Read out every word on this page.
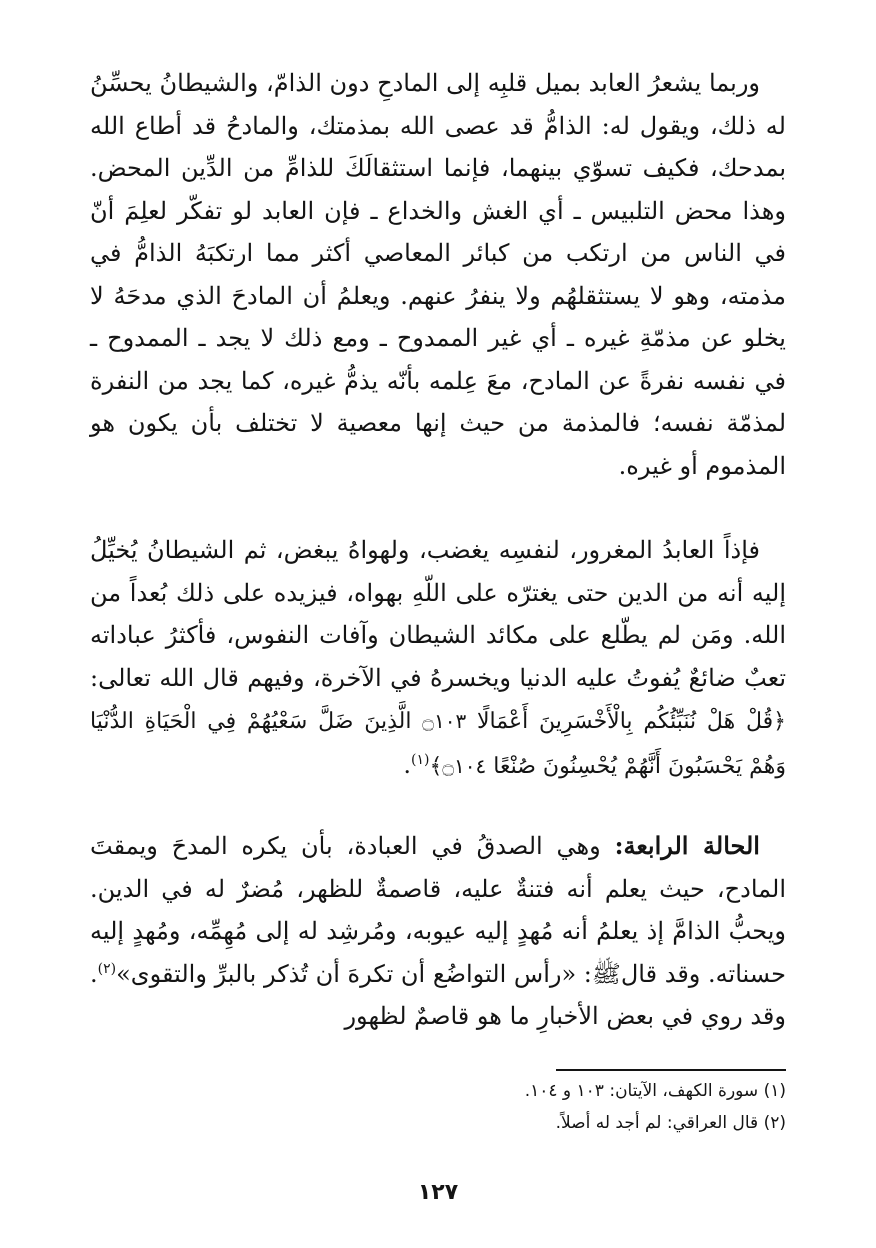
وربما يشعرُ العابد بميل قلبِه إلى المادحِ دون الذامّ، والشيطانُ يحسِّنُ له ذلك، ويقول له: الذامُّ قد عصى الله بمذمتك، والمادحُ قد أطاع الله بمدحك، فكيف تسوّي بينهما، فإنما استثقالَكَ للذامِّ من الدِّين المحض. وهذا محض التلبيس ـ أي الغش والخداع ـ فإن العابد لو تفكّر لعلِمَ أنّ في الناس من ارتكب من كبائر المعاصي أكثر مما ارتكبَهُ الذامُّ في مذمته، وهو لا يستثقلهُم ولا ينفرُ عنهم. ويعلمُ أن المادحَ الذي مدحَهُ لا يخلو عن مذمّةِ غيره ـ أي غير الممدوح ـ ومع ذلك لا يجد ـ الممدوح ـ في نفسه نفرةً عن المادح، معَ عِلمه بأنّه يذمُّ غيره، كما يجد من النفرة لمذمّة نفسه؛ فالمذمة من حيث إنها معصية لا تختلف بأن يكون هو المذموم أو غيره.

فإذاً العابدُ المغرور، لنفسِه يغضب، ولهواهُ يبغض، ثم الشيطانُ يُخيِّلُ إليه أنه من الدين حتى يغترّه على اللّهِ بهواه، فيزيده على ذلك بُعداً من الله. ومَن لم يطّلع على مكائد الشيطان وآفات النفوس، فأكثرُ عباداته تعبٌ ضائعٌ يُفوتُ عليه الدنيا ويخسرهُ في الآخرة، وفيهم قال الله تعالى: ﴿قُلْ هَلْ نُنَبِّئُكُم بِالْأَخْسَرِينَ أَعْمَالًا ۝١٠٣ الَّذِينَ ضَلَّ سَعْيُهُمْ فِي الْحَيَاةِ الدُّنْيَا وَهُمْ يَحْسَبُونَ أَنَّهُمْ يُحْسِنُونَ صُنْعًا ۝١٠٤﴾$^{(١)}$.

الحالة الرابعة: وهي الصدقُ في العبادة، بأن يكره المدحَ ويمقتَ المادح، حيث يعلم أنه فتنةٌ عليه، قاصمةٌ للظهر، مُضرٌ له في الدين. ويحبُّ الذامَّ إذ يعلمُ أنه مُهدٍ إليه عيوبه، ومُرشِد له إلى مُهِمِّه، ومُهدٍ إليه حسناته. وقد قالﷺ: «رأس التواضُع أن تكرهَ أن تُذكر بالبرِّ والتقوى»$^{(٢)}$. وقد روي في بعض الأخبارِ ما هو قاصمٌ لظهور

(١) سورة الكهف، الآيتان: ١٠٣ و ١٠٤.

(٢) قال العراقي: لم أجد له أصلاً.

١٢٧
